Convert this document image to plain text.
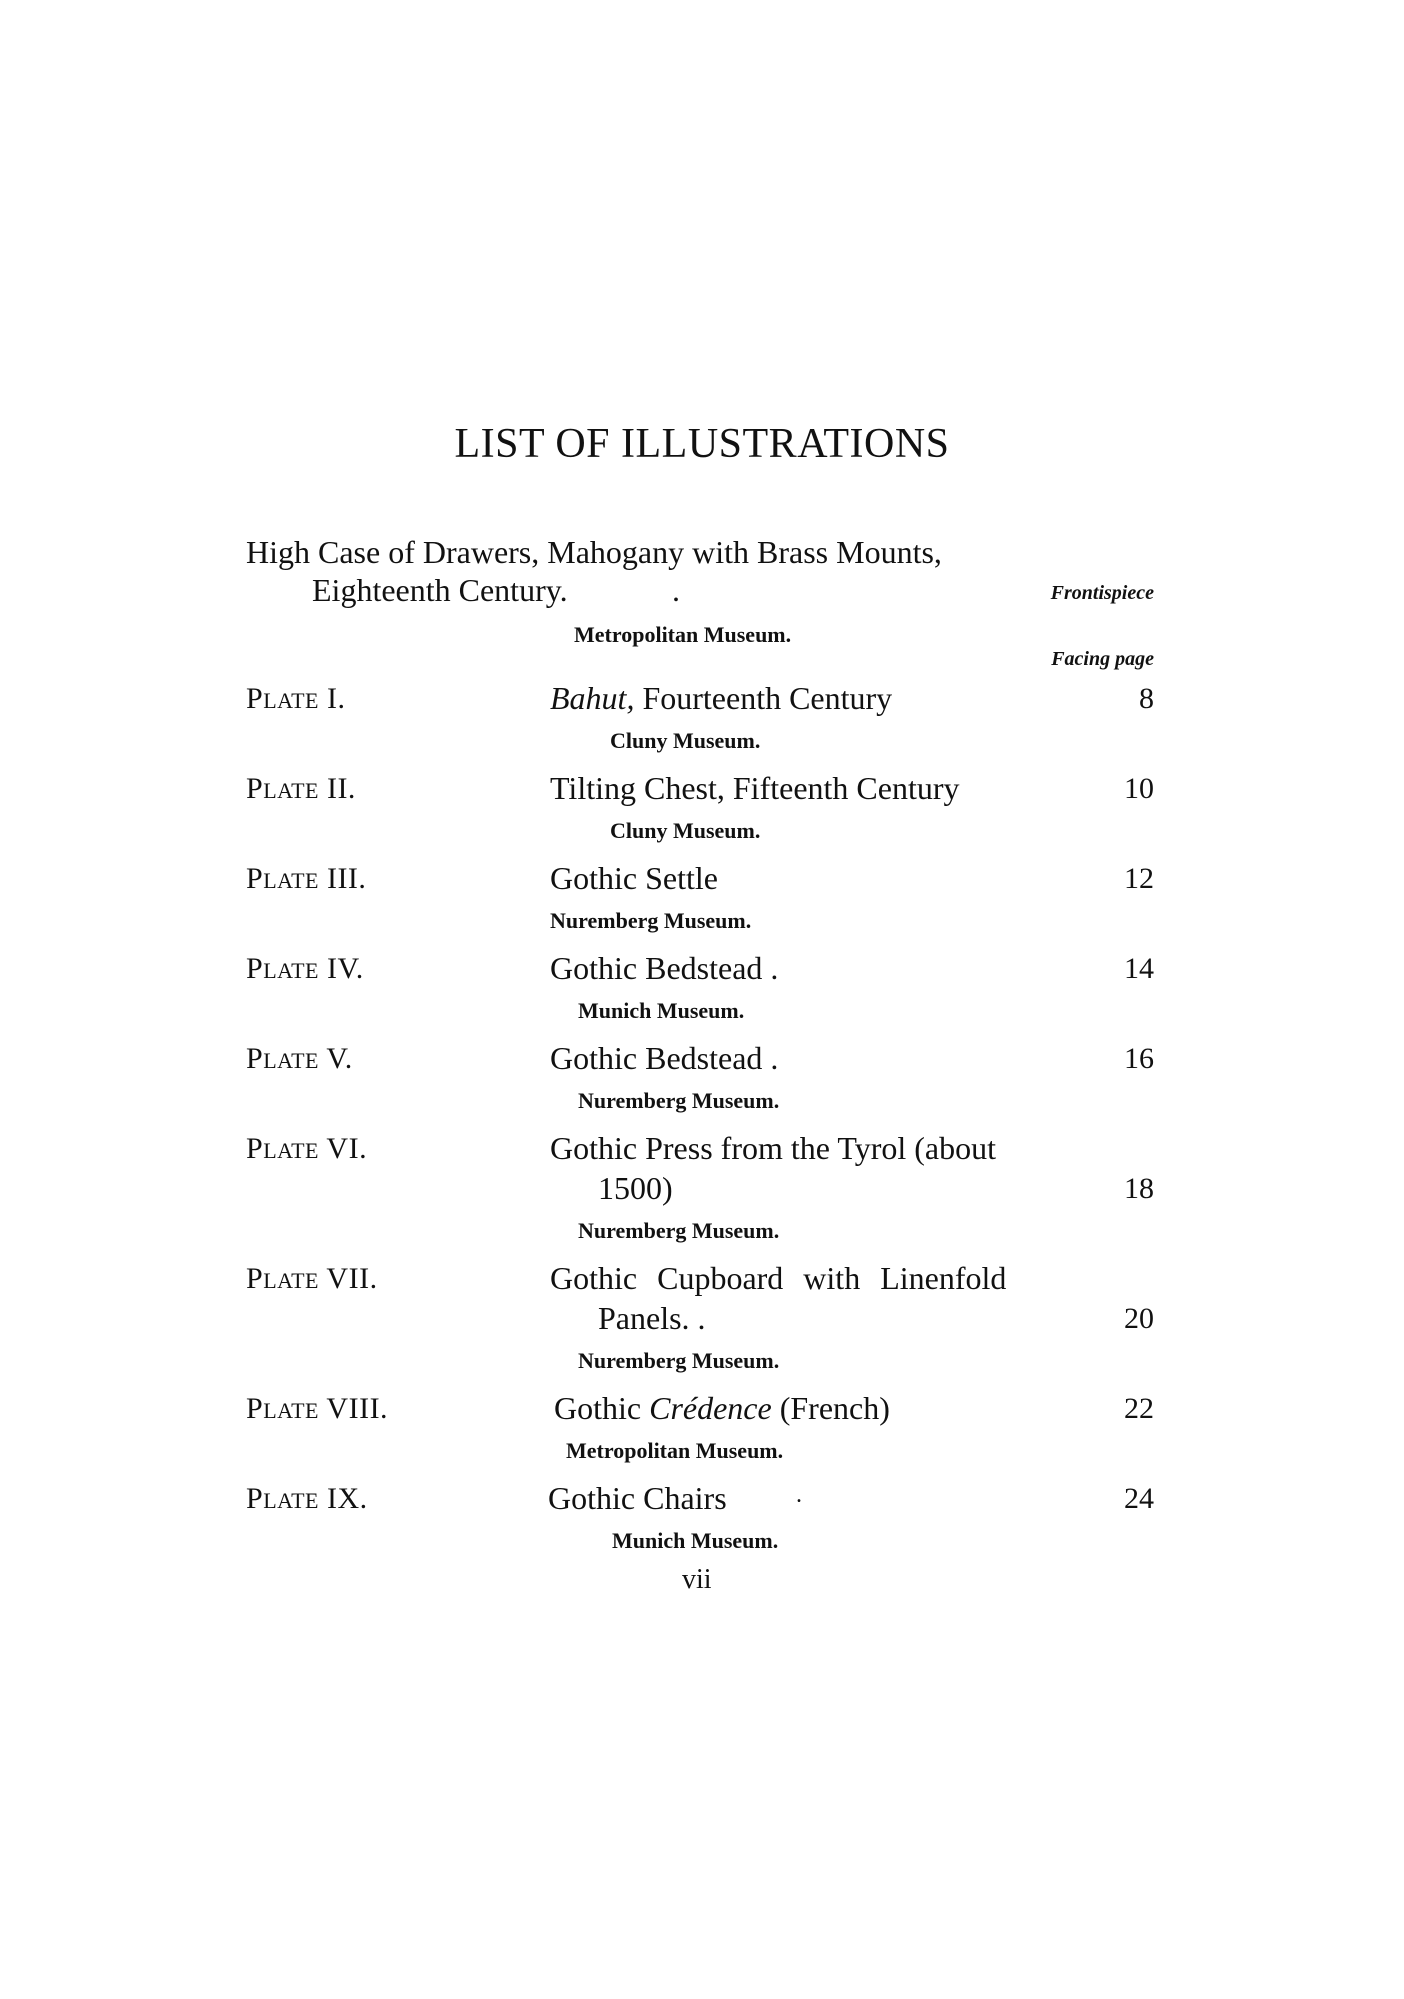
LIST OF ILLUSTRATIONS
High Case of Drawers, Mahogany with Brass Mounts,
Eighteenth Century.	.	Frontispiece
Metropolitan Museum.
Facing page
PLATE I.	Bahut, Fourteenth Century	8
Cluny Museum.
PLATE II.	Tilting Chest, Fifteenth Century	10
Cluny Museum.
PLATE III.	Gothic Settle	12
Nuremberg Museum.
PLATE IV.	Gothic Bedstead .	14
Munich Museum.
PLATE V.	Gothic Bedstead .	16
Nuremberg Museum.
PLATE VI.	Gothic Press from the Tyrol (about
1500)	18
Nuremberg Museum.
PLATE VII.	Gothic Cupboard with Linenfold
Panels. .	20
Nuremberg Museum.
PLATE VIII.	Gothic Crédence (French)	22
Metropolitan Museum.
PLATE IX.	Gothic Chairs	.	24
Munich Museum.
vii
